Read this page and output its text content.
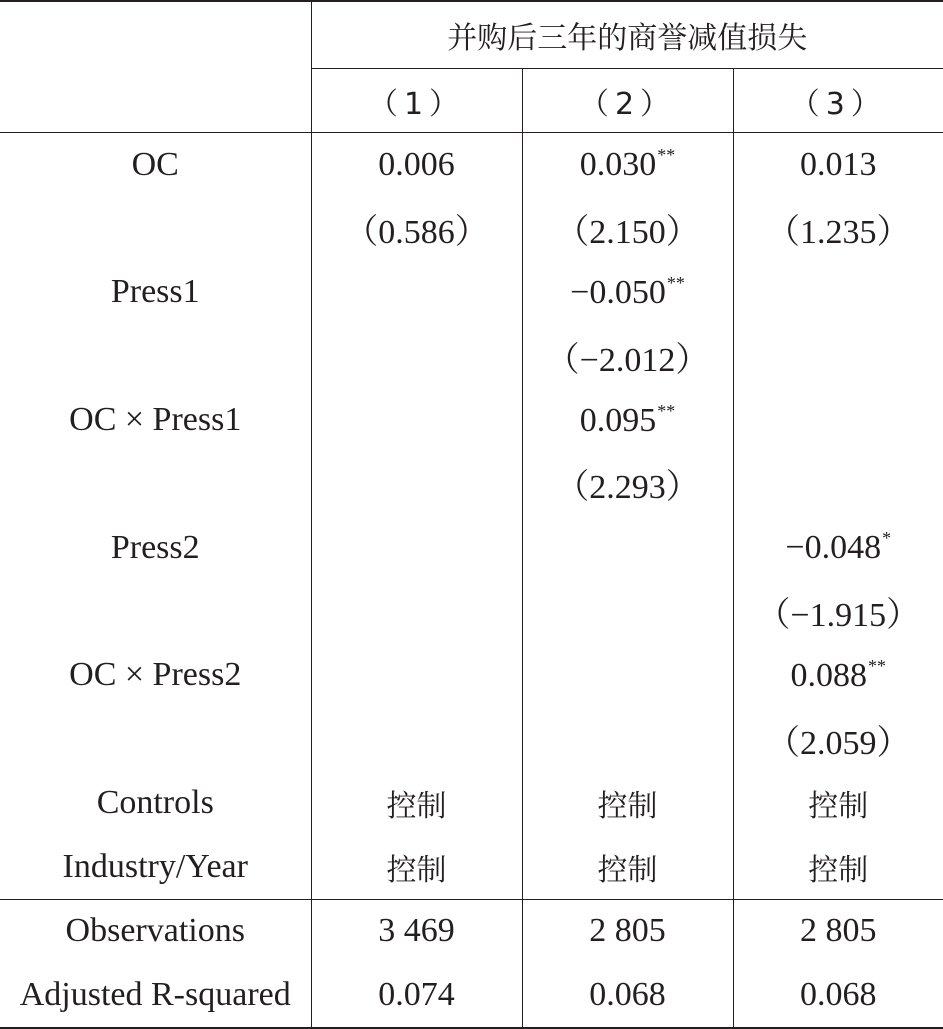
	并购后三年的商誉减值损失		
	（1）	（2）	（3）
OC	0.006	0.030**	0.013
	（0.586）	（2.150）	（1.235）
Press1		−0.050**	
		（−2.012）	
OC × Press1		0.095**	
		（2.293）	
Press2			−0.048*
			（−1.915）
OC × Press2			0.088**
			（2.059）
Controls	控制	控制	控制
Industry/Year	控制	控制	控制
Observations	3 469	2 805	2 805
Adjusted R-squared	0.074	0.068	0.068
